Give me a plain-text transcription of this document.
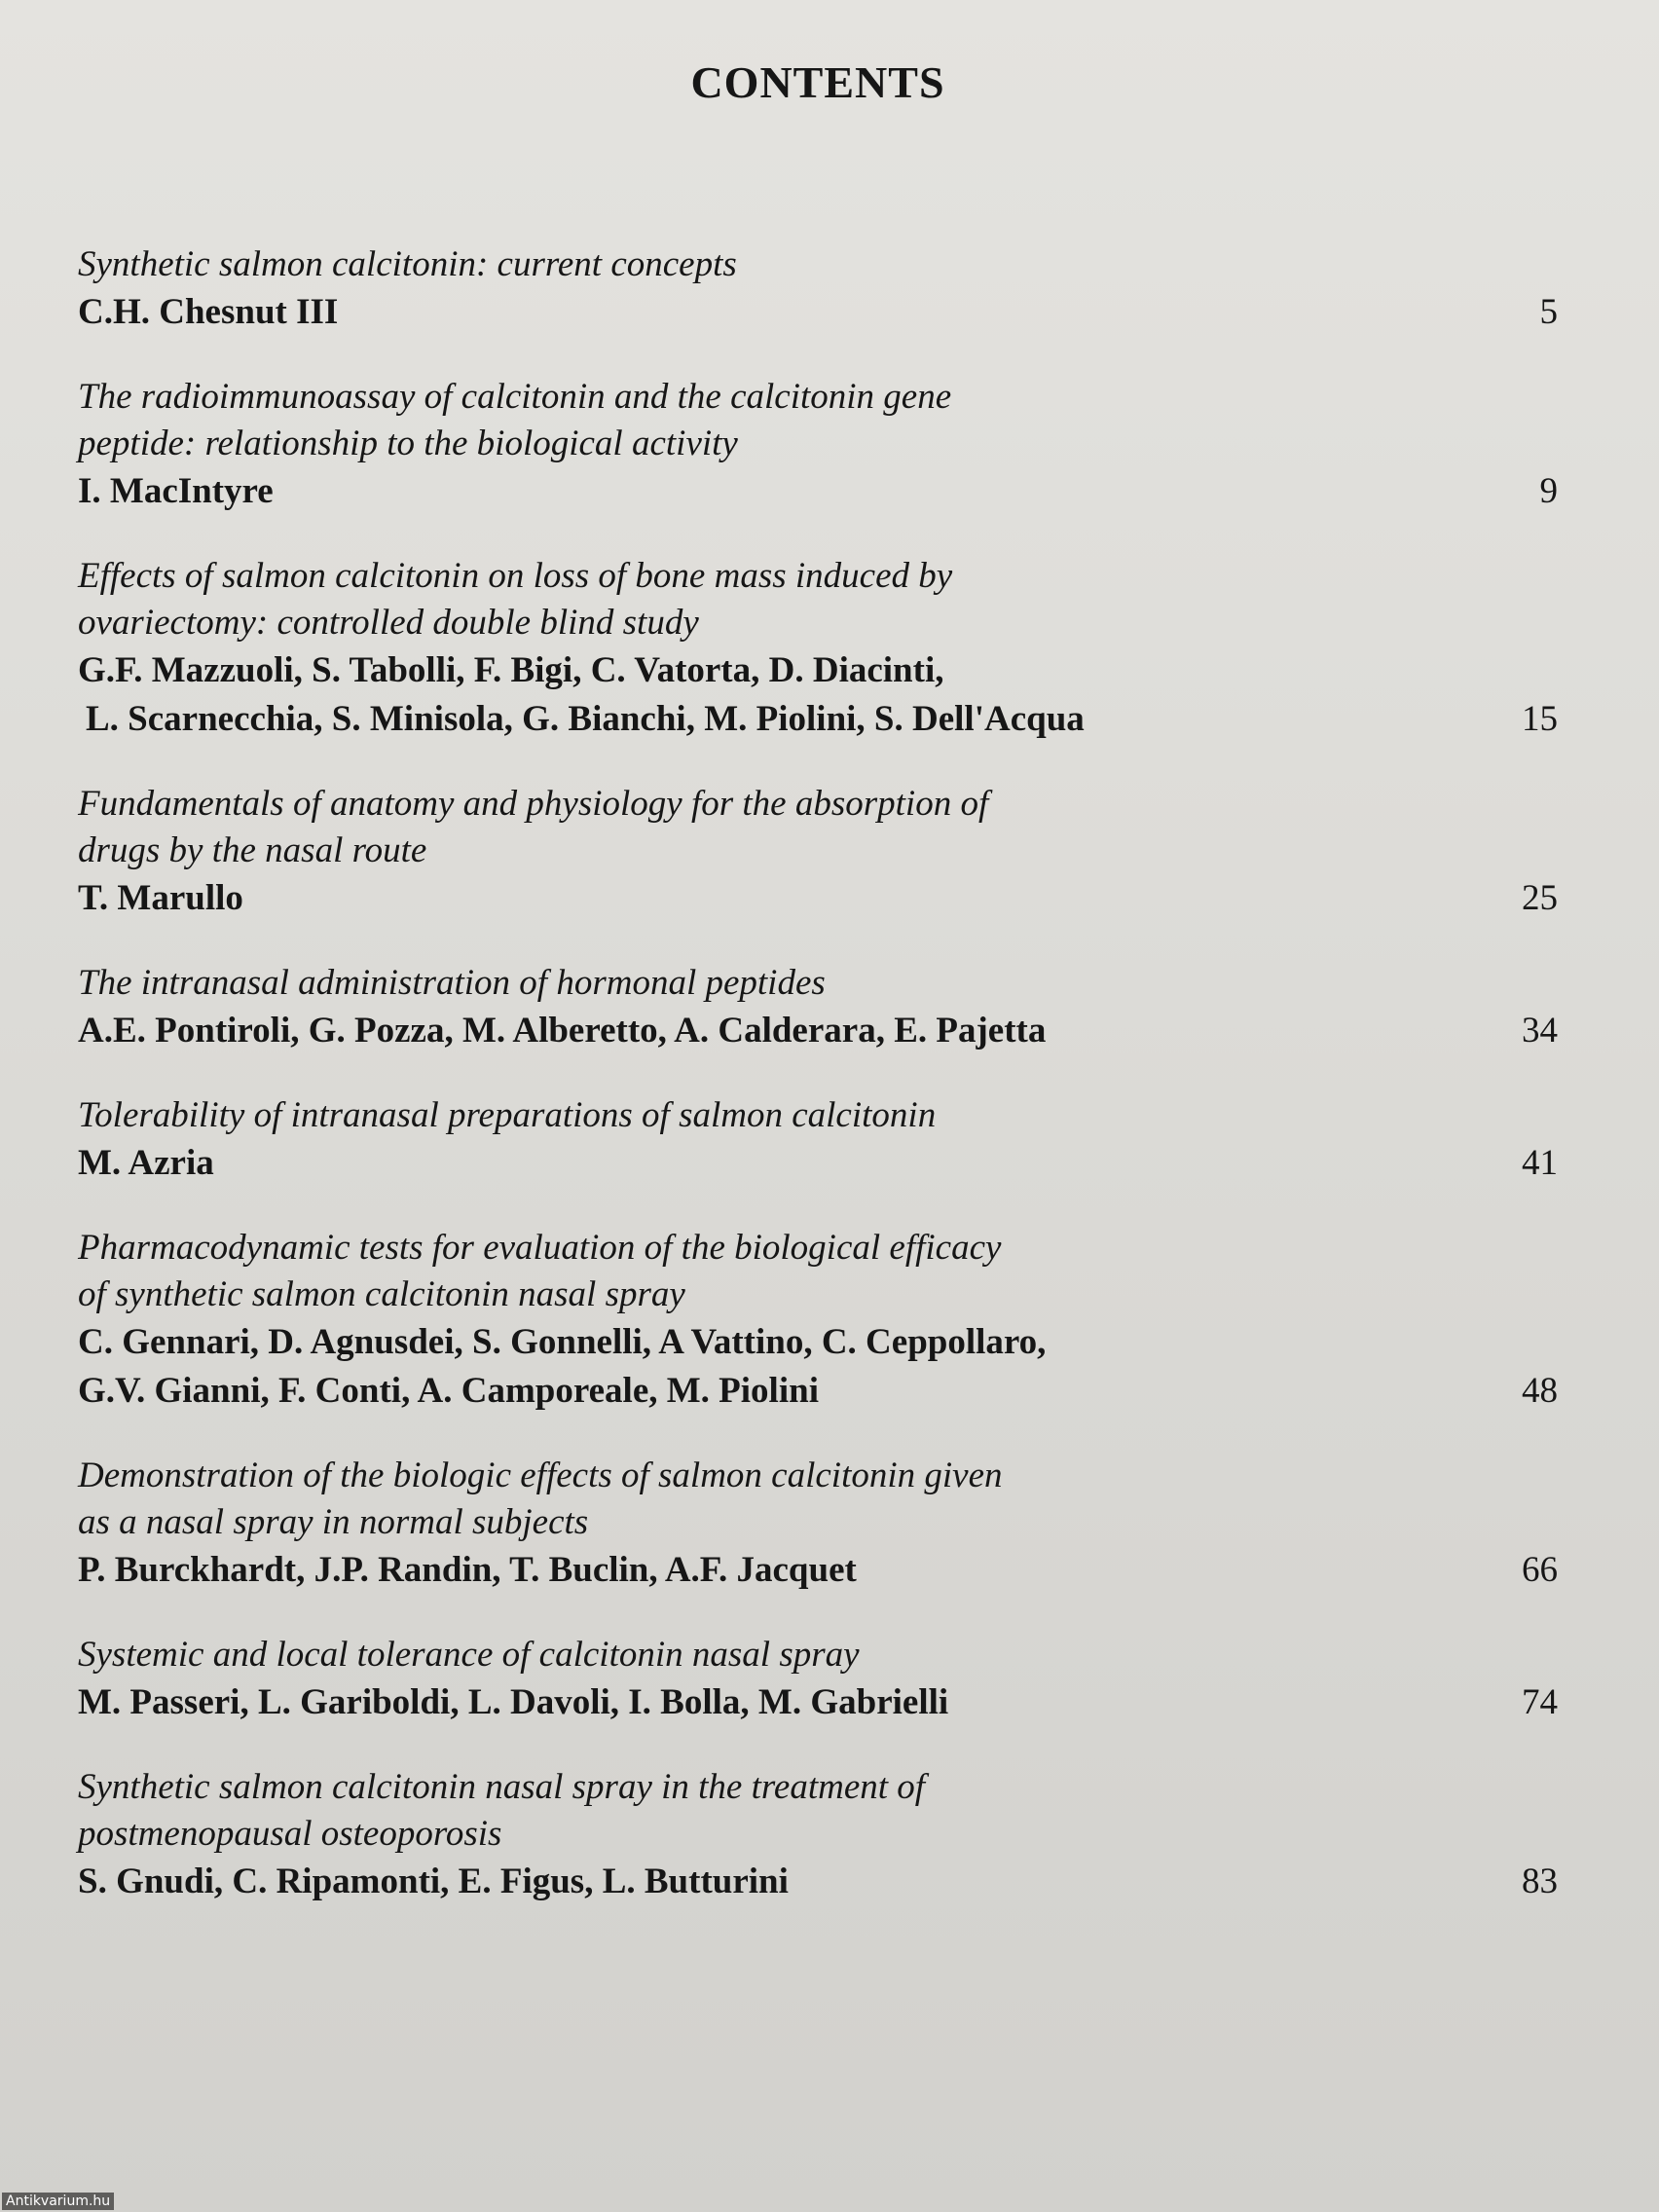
CONTENTS
Synthetic salmon calcitonin: current concepts
C.H. Chesnut III	5
The radioimmunoassay of calcitonin and the calcitonin gene
peptide: relationship to the biological activity
I. MacIntyre	9
Effects of salmon calcitonin on loss of bone mass induced by
ovariectomy: controlled double blind study
G.F. Mazzuoli, S. Tabolli, F. Bigi, C. Vatorta, D. Diacinti,
L. Scarnecchia, S. Minisola, G. Bianchi, M. Piolini, S. Dell'Acqua	15
Fundamentals of anatomy and physiology for the absorption of
drugs by the nasal route
T. Marullo	25
The intranasal administration of hormonal peptides
A.E. Pontiroli, G. Pozza, M. Alberetto, A. Calderara, E. Pajetta	34
Tolerability of intranasal preparations of salmon calcitonin
M. Azria	41
Pharmacodynamic tests for evaluation of the biological efficacy
of synthetic salmon calcitonin nasal spray
C. Gennari, D. Agnusdei, S. Gonnelli, A Vattino, C. Ceppollaro,
G.V. Gianni, F. Conti, A. Camporeale, M. Piolini	48
Demonstration of the biologic effects of salmon calcitonin given
as a nasal spray in normal subjects
P. Burckhardt, J.P. Randin, T. Buclin, A.F. Jacquet	66
Systemic and local tolerance of calcitonin nasal spray
M. Passeri, L. Gariboldi, L. Davoli, I. Bolla, M. Gabrielli	74
Synthetic salmon calcitonin nasal spray in the treatment of
postmenopausal osteoporosis
S. Gnudi, C. Ripamonti, E. Figus, L. Butturini	83
Antikvarium.hu
